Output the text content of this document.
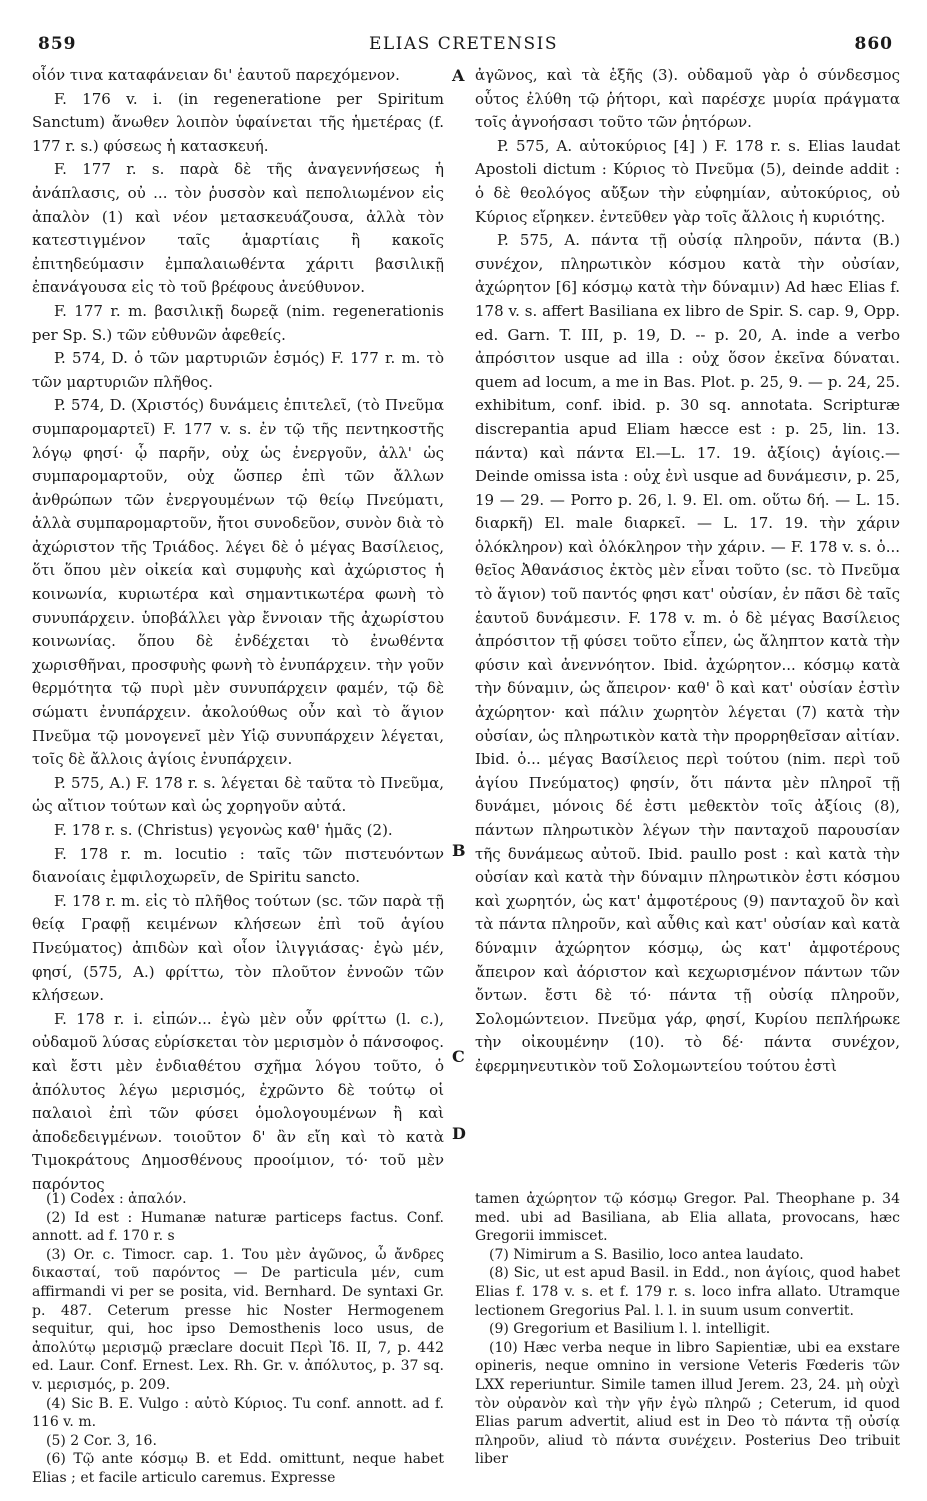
859	ELIAS CRETENSIS	860

οἷόν τινα καταφάνειαν δι' ἑαυτοῦ παρεχόμενον.

F. 176 v. i. (in regeneratione per Spiritum Sanctum) ἄνωθεν λοιπὸν ὑφαίνεται τῆς ἡμετέρας (f. 177 r. s.) φύσεως ἡ κατασκευή.

F. 177 r. s. παρὰ δὲ τῆς ἀναγεννήσεως ἡ ἀνάπλασις, οὐ ... τὸν ῥυσσὸν καὶ πεπολιωμένον εἰς ἀπαλὸν (1) καὶ νέον μετασκευάζουσα, ἀλλὰ τὸν κατεστιγμένον ταῖς ἁμαρτίαις ἢ κακοῖς ἐπιτηδεύμασιν ἐμπαλαιωθέντα χάριτι βασιλικῇ ἐπανάγουσα εἰς τὸ τοῦ βρέφους ἀνεύθυνον.

F. 177 r. m. βασιλικῇ δωρεᾷ (nim. regenerationis per Sp. S.) τῶν εὐθυνῶν ἀφεθείς.

P. 574, D. ὁ τῶν μαρτυριῶν ἑσμός) F. 177 r. m. τὸ τῶν μαρτυριῶν πλῆθος.

P. 574, D. (Χριστός) δυνάμεις ἐπιτελεῖ, (τὸ Πνεῦμα συμπαρομαρτεῖ) F. 177 v. s. ἐν τῷ τῆς πεντηκοστῆς λόγῳ φησί· ᾧ παρῆν, οὐχ ὡς ἐνεργοῦν, ἀλλ' ὡς συμπαρομαρτοῦν, οὐχ ὥσπερ ἐπὶ τῶν ἄλλων ἀνθρώπων τῶν ἐνεργουμένων τῷ θείῳ Πνεύματι, ἀλλὰ συμπαρομαρτοῦν, ἤτοι συνοδεῦον, συνὸν διὰ τὸ ἀχώριστον τῆς Τριάδος. λέγει δὲ ὁ μέγας Βασίλειος, ὅτι ὅπου μὲν οἰκεία καὶ συμφυὴς καὶ ἀχώριστος ἡ κοινωνία, κυριωτέρα καὶ σημαντικωτέρα φωνὴ τὸ συνυπάρχειν. ὑποβάλλει γὰρ ἔννοιαν τῆς ἀχωρίστου κοινωνίας. ὅπου δὲ ἐνδέχεται τὸ ἐνωθέντα χωρισθῆναι, προσφυὴς φωνὴ τὸ ἐνυπάρχειν. τὴν γοῦν θερμότητα τῷ πυρὶ μὲν συνυπάρχειν φαμέν, τῷ δὲ σώματι ἐνυπάρχειν. ἀκολούθως οὖν καὶ τὸ ἅγιον Πνεῦμα τῷ μονογενεῖ μὲν Υἱῷ συνυπάρχειν λέγεται, τοῖς δὲ ἄλλοις ἁγίοις ἐνυπάρχειν.

P. 575, A.) F. 178 r. s. λέγεται δὲ ταῦτα τὸ Πνεῦμα, ὡς αἴτιον τούτων καὶ ὡς χορηγοῦν αὐτά.

F. 178 r. s. (Christus) γεγονὼς καθ' ἡμᾶς (2).

F. 178 r. m. locutio : ταῖς τῶν πιστευόντων διανοίαις ἐμφιλοχωρεῖν, de Spiritu sancto.

F. 178 r. m. εἰς τὸ πλῆθος τούτων (sc. τῶν παρὰ τῇ θείᾳ Γραφῇ κειμένων κλήσεων ἐπὶ τοῦ ἁγίου Πνεύματος) ἀπιδὼν καὶ οἷον ἰλιγγιάσας· ἐγὼ μέν, φησί, (575, A.) φρίττω, τὸν πλοῦτον ἐννοῶν τῶν κλήσεων.

F. 178 r. i. εἰπών... ἐγὼ μὲν οὖν φρίττω (l. c.), οὐδαμοῦ λύσας εὑρίσκεται τὸν μερισμὸν ὁ πάνσοφος. καὶ ἔστι μὲν ἐνδιαθέτου σχῆμα λόγου τοῦτο, ὁ ἀπόλυτος λέγω μερισμός, ἐχρῶντο δὲ τούτῳ οἱ παλαιοὶ ἐπὶ τῶν φύσει ὁμολογουμένων ἢ καὶ ἀποδεδειγμένων. τοιοῦτον δ' ἂν εἴη καὶ τὸ κατὰ Τιμοκράτους Δημοσθένους προοίμιον, τό· τοῦ μὲν παρόντος

A
B
C
D

ἀγῶνος, καὶ τὰ ἑξῆς (3). οὐδαμοῦ γὰρ ὁ σύνδεσμος οὗτος ἐλύθη τῷ ῥήτορι, καὶ παρέσχε μυρία πράγματα τοῖς ἀγνοήσασι τοῦτο τῶν ῥητόρων.

P. 575, A. αὐτοκύριος [4] ) F. 178 r. s. Elias laudat Apostoli dictum : Κύριος τὸ Πνεῦμα (5), deinde addit : ὁ δὲ θεολόγος αὔξων τὴν εὐφημίαν, αὐτοκύριος, οὐ Κύριος εἴρηκεν. ἐντεῦθεν γὰρ τοῖς ἄλλοις ἡ κυριότης.

P. 575, A. πάντα τῇ οὐσίᾳ πληροῦν, πάντα (B.) συνέχον, πληρωτικὸν κόσμου κατὰ τὴν οὐσίαν, ἀχώρητον [6] κόσμῳ κατὰ τὴν δύναμιν) Ad hæc Elias f. 178 v. s. affert Basiliana ex libro de Spir. S. cap. 9, Opp. ed. Garn. T. III, p. 19, D. -- p. 20, A. inde a verbo ἀπρόσιτον usque ad illa : οὐχ ὅσον ἐκεῖνα δύναται. quem ad locum, a me in Bas. Plot. p. 25, 9. — p. 24, 25. exhibitum, conf. ibid. p. 30 sq. annotata. Scripturæ discrepantia apud Eliam hæcce est : p. 25, lin. 13. πάντα) καὶ πάντα El.—L. 17. 19. ἀξίοις) ἁγίοις.— Deinde omissa ista : οὐχ ἑνὶ usque ad δυνάμεσιν, p. 25, 19 — 29. — Porro p. 26, l. 9. El. om. οὕτω δή. — L. 15. διαρκῆ) El. male διαρκεῖ. — L. 17. 19. τὴν χάριν ὁλόκληρον) καὶ ὁλόκληρον τὴν χάριν. — F. 178 v. s. ὁ... θεῖος Ἀθανάσιος ἐκτὸς μὲν εἶναι τοῦτο (sc. τὸ Πνεῦμα τὸ ἅγιον) τοῦ παντός φησι κατ' οὐσίαν, ἐν πᾶσι δὲ ταῖς ἑαυτοῦ δυνάμεσιν. F. 178 v. m. ὁ δὲ μέγας Βασίλειος ἀπρόσιτον τῇ φύσει τοῦτο εἶπεν, ὡς ἄληπτον κατὰ τὴν φύσιν καὶ ἀνεννόητον. Ibid. ἀχώρητον... κόσμῳ κατὰ τὴν δύναμιν, ὡς ἄπειρον· καθ' ὃ καὶ κατ' οὐσίαν ἐστὶν ἀχώρητον· καὶ πάλιν χωρητὸν λέγεται (7) κατὰ τὴν οὐσίαν, ὡς πληρωτικὸν κατὰ τὴν προρρηθεῖσαν αἰτίαν. Ibid. ὁ... μέγας Βασίλειος περὶ τούτου (nim. περὶ τοῦ ἁγίου Πνεύματος) φησίν, ὅτι πάντα μὲν πληροῖ τῇ δυνάμει, μόνοις δέ ἐστι μεθεκτὸν τοῖς ἀξίοις (8), πάντων πληρωτικὸν λέγων τὴν πανταχοῦ παρουσίαν τῆς δυνάμεως αὐτοῦ. Ibid. paullo post : καὶ κατὰ τὴν οὐσίαν καὶ κατὰ τὴν δύναμιν πληρωτικὸν ἐστι κόσμου καὶ χωρητόν, ὡς κατ' ἀμφοτέρους (9) πανταχοῦ ὂν καὶ τὰ πάντα πληροῦν, καὶ αὖθις καὶ κατ' οὐσίαν καὶ κατὰ δύναμιν ἀχώρητον κόσμῳ, ὡς κατ' ἀμφοτέρους ἄπειρον καὶ ἀόριστον καὶ κεχωρισμένον πάντων τῶν ὄντων. ἔστι δὲ τό· πάντα τῇ οὐσίᾳ πληροῦν, Σολομώντειον. Πνεῦμα γάρ, φησί, Κυρίου πεπλήρωκε τὴν οἰκουμένην (10). τὸ δέ· πάντα συνέχον, ἐφερμηνευτικὸν τοῦ Σολομωντείου τούτου ἐστὶ

(1) Codex : ἀπαλόν.

(2) Id est : Humanæ naturæ particeps factus. Conf. annott. ad f. 170 r. s

(3) Or. c. Timocr. cap. 1. Του μὲν ἀγῶνος, ὦ ἄνδρες δικασταί, τοῦ παρόντος — De particula μέν, cum affirmandi vi per se posita, vid. Bernhard. De syntaxi Gr. p. 487. Ceterum presse hic Noster Hermogenem sequitur, qui, hoc ipso Demosthenis loco usus, de ἀπολύτῳ μερισμῷ præclare docuit Περὶ Ἰδ. II, 7, p. 442 ed. Laur. Conf. Ernest. Lex. Rh. Gr. v. ἀπόλυτος, p. 37 sq. v. μερισμός, p. 209.

(4) Sic B. E. Vulgo : αὐτὸ Κύριος. Tu conf. annott. ad f. 116 v. m.

(5) 2 Cor. 3, 16.

(6) Τῷ ante κόσμῳ B. et Edd. omittunt, neque habet Elias ; et facile articulo caremus. Expresse

tamen ἀχώρητον τῷ κόσμῳ Gregor. Pal. Theophane p. 34 med. ubi ad Basiliana, ab Elia allata, provocans, hæc Gregorii immiscet.

(7) Nimirum a S. Basilio, loco antea laudato.

(8) Sic, ut est apud Basil. in Edd., non ἁγίοις, quod habet Elias f. 178 v. s. et f. 179 r. s. loco infra allato. Utramque lectionem Gregorius Pal. l. l. in suum usum convertit.

(9) Gregorium et Basilium l. l. intelligit.

(10) Hæc verba neque in libro Sapientiæ, ubi ea exstare opineris, neque omnino in versione Veteris Fœderis τῶν LXX reperiuntur. Simile tamen illud Jerem. 23, 24. μὴ οὐχὶ τὸν οὐρανὸν καὶ τὴν γῆν ἐγὼ πληρῶ ; Ceterum, id quod Elias parum advertit, aliud est in Deo τὸ πάντα τῇ οὐσίᾳ πληροῦν, aliud τὸ πάντα συνέχειν. Posterius Deo tribuit liber
